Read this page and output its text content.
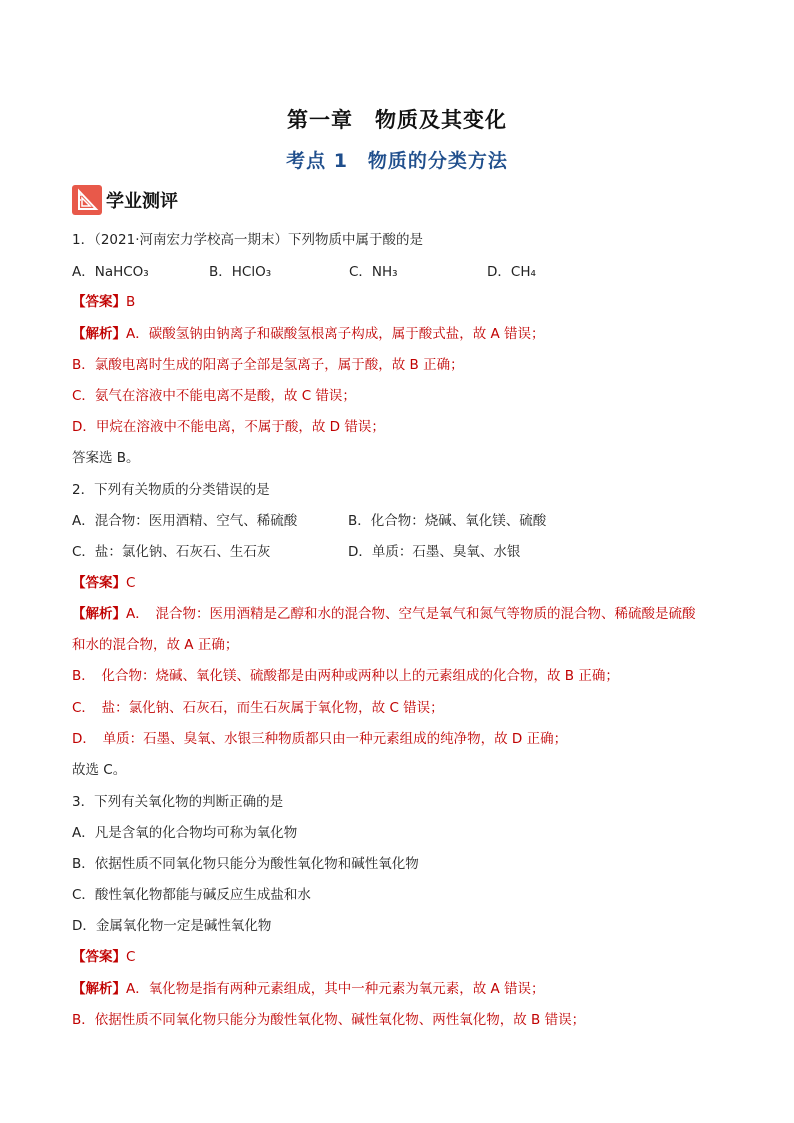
第一章　物质及其变化
考点 1　物质的分类方法
学业测评
1．（2021·河南宏力学校高一期末）下列物质中属于酸的是
A．NaHCO₃	B．HClO₃	C．NH₃	D．CH₄
【答案】B
【解析】A．碳酸氢钠由钠离子和碳酸氢根离子构成，属于酸式盐，故 A 错误；
B．氯酸电离时生成的阳离子全部是氢离子，属于酸，故 B 正确；
C．氨气在溶液中不能电离不是酸，故 C 错误；
D．甲烷在溶液中不能电离，不属于酸，故 D 错误；
答案选 B。
2．下列有关物质的分类错误的是
A．混合物：医用酒精、空气、稀硫酸	B．化合物：烧碱、氧化镁、硫酸
C．盐：氯化钠、石灰石、生石灰	D．单质：石墨、臭氧、水银
【答案】C
【解析】A．　混合物：医用酒精是乙醇和水的混合物、空气是氧气和氮气等物质的混合物、稀硫酸是硫酸
和水的混合物，故 A 正确；
B．　化合物：烧碱、氧化镁、硫酸都是由两种或两种以上的元素组成的化合物，故 B 正确；
C．　盐：氯化钠、石灰石，而生石灰属于氧化物，故 C 错误；
D．　单质：石墨、臭氧、水银三种物质都只由一种元素组成的纯净物，故 D 正确；
故选 C。
3．下列有关氧化物的判断正确的是
A．凡是含氧的化合物均可称为氧化物
B．依据性质不同氧化物只能分为酸性氧化物和碱性氧化物
C．酸性氧化物都能与碱反应生成盐和水
D．金属氧化物一定是碱性氧化物
【答案】C
【解析】A．氧化物是指有两种元素组成，其中一种元素为氧元素，故 A 错误；
B．依据性质不同氧化物只能分为酸性氧化物、碱性氧化物、两性氧化物，故 B 错误；
